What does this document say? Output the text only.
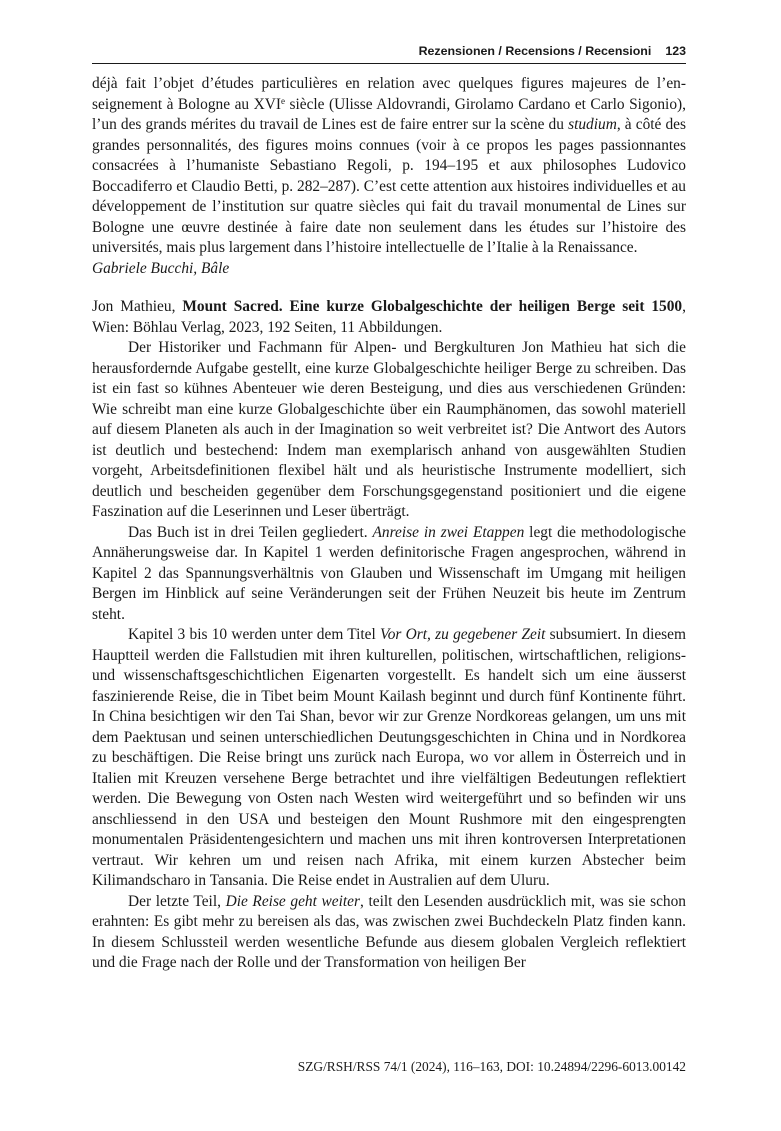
Rezensionen / Recensions / Recensioni 123

déjà fait l’objet d’études particulières en relation avec quelques figures majeures de l’enseignement à Bologne au XVIe siècle (Ulisse Aldovrandi, Girolamo Cardano et Carlo Sigonio), l’un des grands mérites du travail de Lines est de faire entrer sur la scène du studium, à côté des grandes personnalités, des figures moins connues (voir à ce propos les pages passionnantes consacrées à l’humaniste Sebastiano Regoli, p. 194–195 et aux philosophes Ludovico Boccadiferro et Claudio Betti, p. 282–287). C’est cette attention aux histoires individuelles et au développement de l’institution sur quatre siècles qui fait du travail monumental de Lines sur Bologne une œuvre destinée à faire date non seulement dans les études sur l’histoire des universités, mais plus largement dans l’histoire intellectuelle de l’Italie à la Renaissance.

Gabriele Bucchi, Bâle

Jon Mathieu, Mount Sacred. Eine kurze Globalgeschichte der heiligen Berge seit 1500, Wien: Böhlau Verlag, 2023, 192 Seiten, 11 Abbildungen.

Der Historiker und Fachmann für Alpen- und Bergkulturen Jon Mathieu hat sich die herausfordernde Aufgabe gestellt, eine kurze Globalgeschichte heiliger Berge zu schreiben. Das ist ein fast so kühnes Abenteuer wie deren Besteigung, und dies aus verschiedenen Gründen: Wie schreibt man eine kurze Globalgeschichte über ein Raumphänomen, das sowohl materiell auf diesem Planeten als auch in der Imagination so weit verbreitet ist? Die Antwort des Autors ist deutlich und bestechend: Indem man exemplarisch anhand von ausgewählten Studien vorgeht, Arbeitsdefinitionen flexibel hält und als heuristische Instrumente modelliert, sich deutlich und bescheiden gegenüber dem Forschungsgegenstand positioniert und die eigene Faszination auf die Leserinnen und Leser überträgt.

Das Buch ist in drei Teilen gegliedert. Anreise in zwei Etappen legt die methodologische Annäherungsweise dar. In Kapitel 1 werden definitorische Fragen angesprochen, während in Kapitel 2 das Spannungsverhältnis von Glauben und Wissenschaft im Umgang mit heiligen Bergen im Hinblick auf seine Veränderungen seit der Frühen Neuzeit bis heute im Zentrum steht.

Kapitel 3 bis 10 werden unter dem Titel Vor Ort, zu gegebener Zeit subsumiert. In diesem Hauptteil werden die Fallstudien mit ihren kulturellen, politischen, wirtschaftlichen, religions- und wissenschaftsgeschichtlichen Eigenarten vorgestellt. Es handelt sich um eine äusserst faszinierende Reise, die in Tibet beim Mount Kailash beginnt und durch fünf Kontinente führt. In China besichtigen wir den Tai Shan, bevor wir zur Grenze Nordkoreas gelangen, um uns mit dem Paektusan und seinen unterschiedlichen Deutungsgeschichten in China und in Nordkorea zu beschäftigen. Die Reise bringt uns zurück nach Europa, wo vor allem in Österreich und in Italien mit Kreuzen versehene Berge betrachtet und ihre vielfältigen Bedeutungen reflektiert werden. Die Bewegung von Osten nach Westen wird weitergeführt und so befinden wir uns anschliessend in den USA und besteigen den Mount Rushmore mit den eingesprengten monumentalen Präsidentengesichtern und machen uns mit ihren kontroversen Interpretationen vertraut. Wir kehren um und reisen nach Afrika, mit einem kurzen Abstecher beim Kilimandscharo in Tansania. Die Reise endet in Australien auf dem Uluru.

Der letzte Teil, Die Reise geht weiter, teilt den Lesenden ausdrücklich mit, was sie schon erahnten: Es gibt mehr zu bereisen als das, was zwischen zwei Buchdeckeln Platz finden kann. In diesem Schlussteil werden wesentliche Befunde aus diesem globalen Vergleich reflektiert und die Frage nach der Rolle und der Transformation von heiligen Ber

SZG/RSH/RSS 74/1 (2024), 116–163, DOI: 10.24894/2296-6013.00142
